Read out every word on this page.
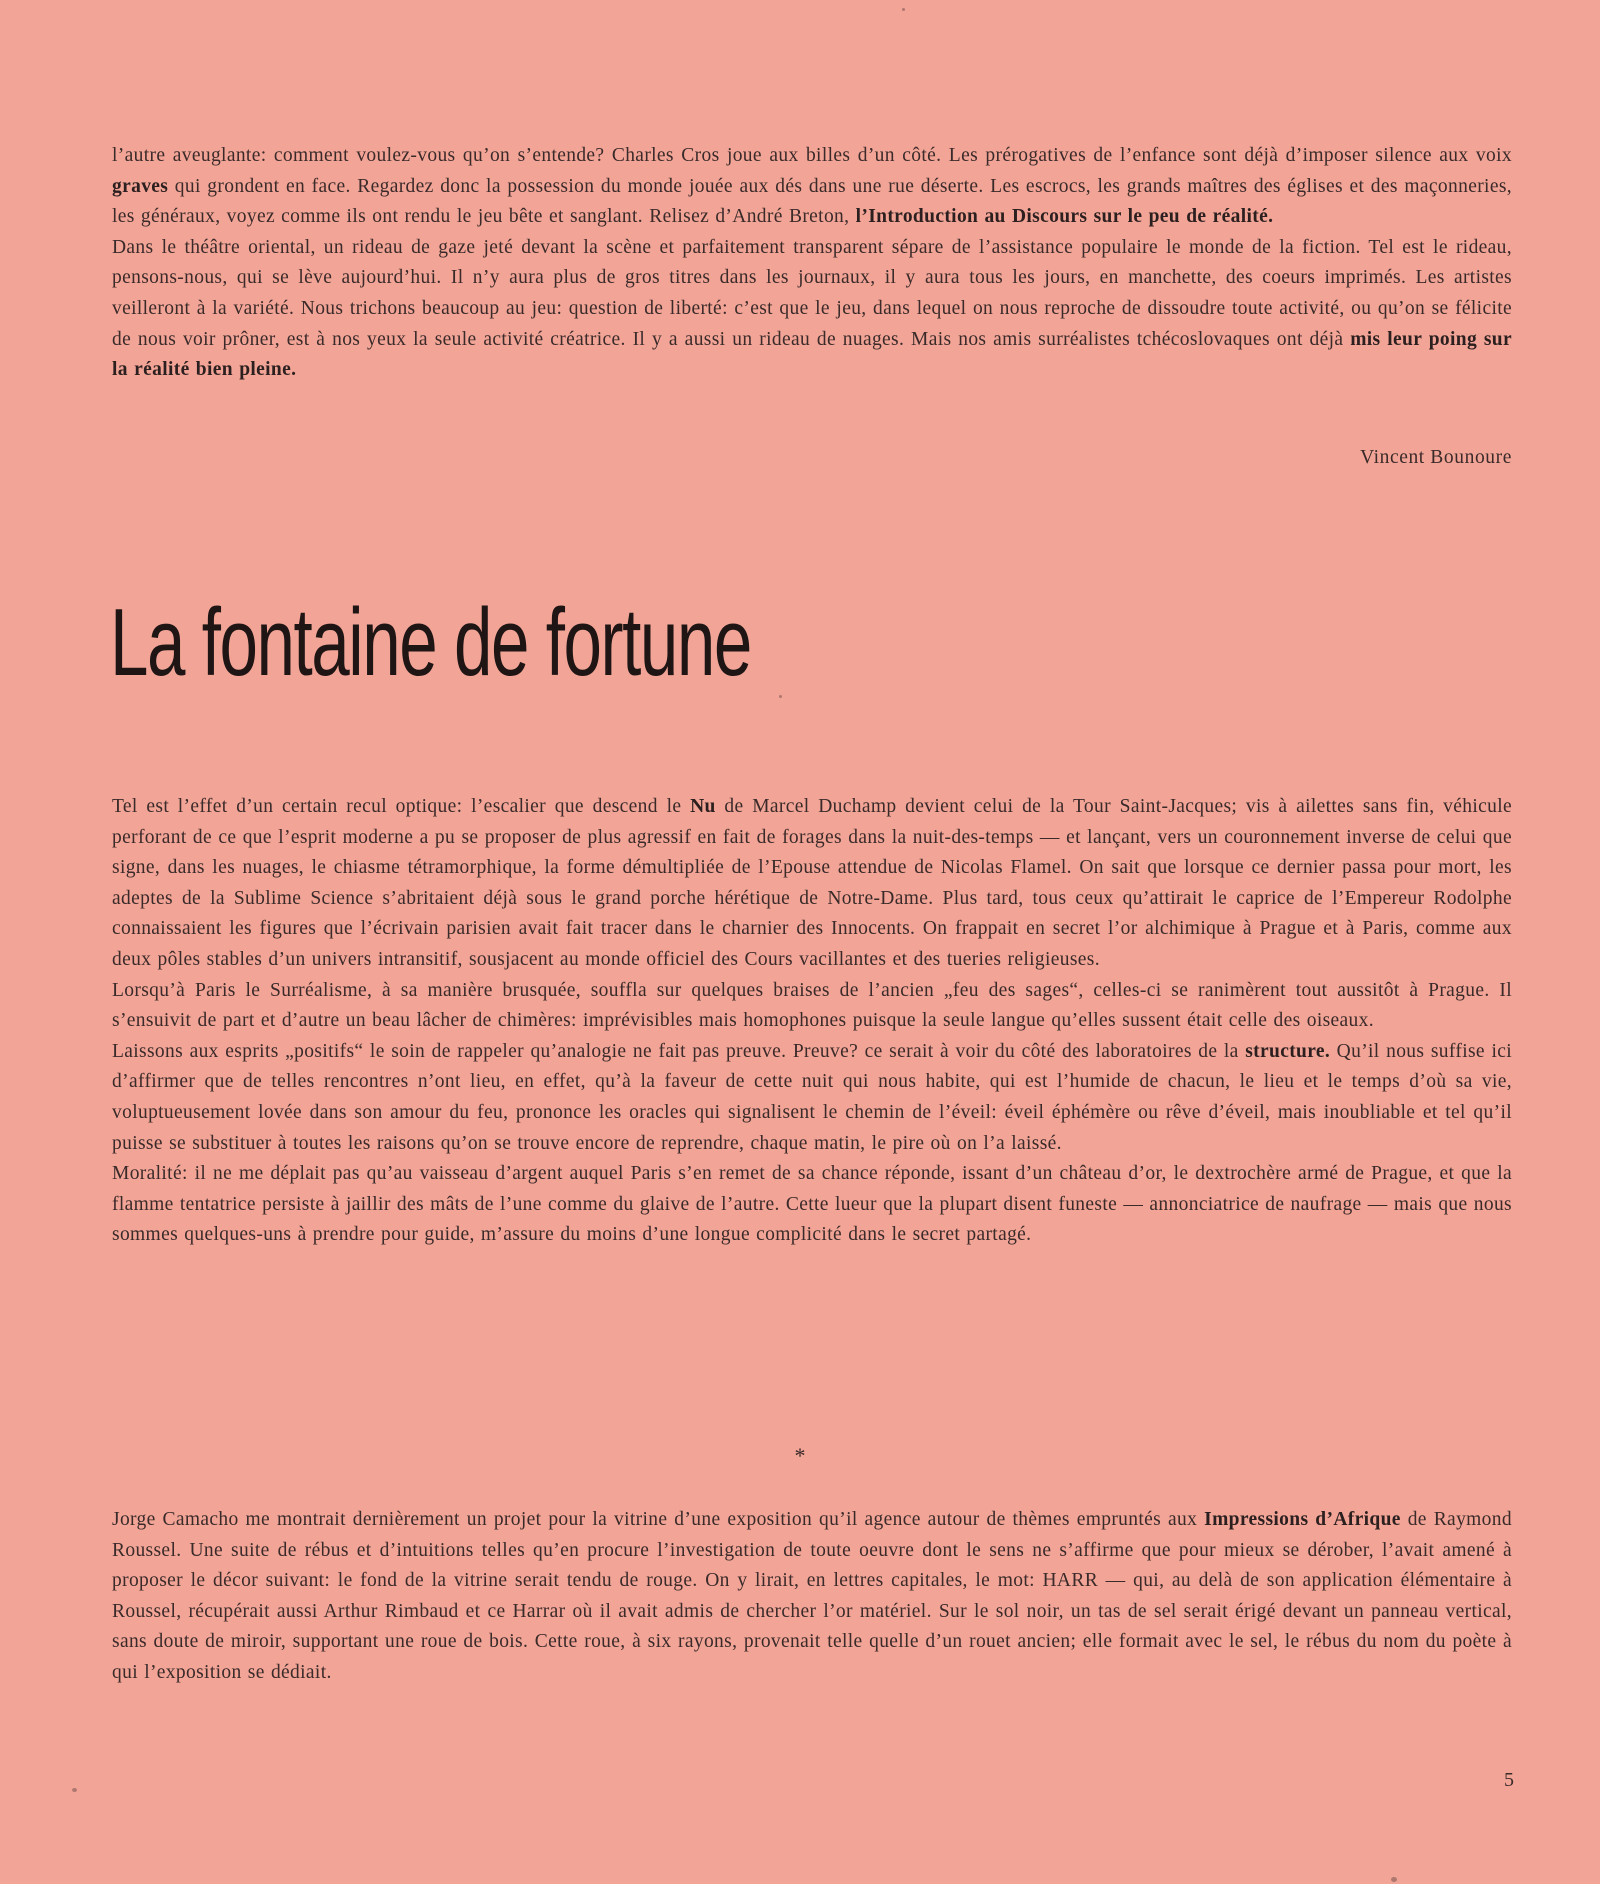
l’autre aveuglante: comment voulez-vous qu’on s’entende? Charles Cros joue aux billes d’un côté. Les prérogatives de l’enfance sont déjà d’imposer silence aux voix graves qui grondent en face. Regardez donc la possession du monde jouée aux dés dans une rue déserte. Les escrocs, les grands maîtres des églises et des maçonneries, les généraux, voyez comme ils ont rendu le jeu bête et sanglant. Relisez d’André Breton, l’Introduction au Discours sur le peu de réalité.

Dans le théâtre oriental, un rideau de gaze jeté devant la scène et parfaitement transparent sépare de l’assistance populaire le monde de la fiction. Tel est le rideau, pensons-nous, qui se lève aujourd’hui. Il n’y aura plus de gros titres dans les journaux, il y aura tous les jours, en manchette, des coeurs imprimés. Les artistes veilleront à la variété. Nous trichons beaucoup au jeu: question de liberté: c’est que le jeu, dans lequel on nous reproche de dissoudre toute activité, ou qu’on se félicite de nous voir prôner, est à nos yeux la seule activité créatrice. Il y a aussi un rideau de nuages. Mais nos amis surréalistes tchécoslovaques ont déjà mis leur poing sur la réalité bien pleine.

Vincent Bounoure
La fontaine de fortune

Tel est l’effet d’un certain recul optique: l’escalier que descend le Nu de Marcel Duchamp devient celui de la Tour Saint-Jacques; vis à ailettes sans fin, véhicule perforant de ce que l’esprit moderne a pu se proposer de plus agressif en fait de forages dans la nuit-des-temps — et lançant, vers un couronnement inverse de celui que signe, dans les nuages, le chiasme tétramorphique, la forme démultipliée de l’Epouse attendue de Nicolas Flamel. On sait que lorsque ce dernier passa pour mort, les adeptes de la Sublime Science s’abritaient déjà sous le grand porche hérétique de Notre-Dame. Plus tard, tous ceux qu’attirait le caprice de l’Empereur Rodolphe connaissaient les figures que l’écrivain parisien avait fait tracer dans le charnier des Innocents. On frappait en secret l’or alchimique à Prague et à Paris, comme aux deux pôles stables d’un univers intransitif, sousjacent au monde officiel des Cours vacillantes et des tueries religieuses.

Lorsqu’à Paris le Surréalisme, à sa manière brusquée, souffla sur quelques braises de l’ancien „feu des sages“, celles-ci se ranimèrent tout aussitôt à Prague. Il s’ensuivit de part et d’autre un beau lâcher de chimères: imprévisibles mais homophones puisque la seule langue qu’elles sussent était celle des oiseaux.

Laissons aux esprits „positifs“ le soin de rappeler qu’analogie ne fait pas preuve. Preuve? ce serait à voir du côté des laboratoires de la structure. Qu’il nous suffise ici d’affirmer que de telles rencontres n’ont lieu, en effet, qu’à la faveur de cette nuit qui nous habite, qui est l’humide de chacun, le lieu et le temps d’où sa vie, voluptueusement lovée dans son amour du feu, prononce les oracles qui signalisent le chemin de l’éveil: éveil éphémère ou rêve d’éveil, mais inoubliable et tel qu’il puisse se substituer à toutes les raisons qu’on se trouve encore de reprendre, chaque matin, le pire où on l’a laissé.

Moralité: il ne me déplait pas qu’au vaisseau d’argent auquel Paris s’en remet de sa chance réponde, issant d’un château d’or, le dextrochère armé de Prague, et que la flamme tentatrice persiste à jaillir des mâts de l’une comme du glaive de l’autre. Cette lueur que la plupart disent funeste — annonciatrice de naufrage — mais que nous sommes quelques-uns à prendre pour guide, m’assure du moins d’une longue complicité dans le secret partagé.

*

Jorge Camacho me montrait dernièrement un projet pour la vitrine d’une exposition qu’il agence autour de thèmes empruntés aux Impressions d’Afrique de Raymond Roussel. Une suite de rébus et d’intuitions telles qu’en procure l’investigation de toute oeuvre dont le sens ne s’affirme que pour mieux se dérober, l’avait amené à proposer le décor suivant: le fond de la vitrine serait tendu de rouge. On y lirait, en lettres capitales, le mot: HARR — qui, au delà de son application élémentaire à Roussel, récupérait aussi Arthur Rimbaud et ce Harrar où il avait admis de chercher l’or matériel. Sur le sol noir, un tas de sel serait érigé devant un panneau vertical, sans doute de miroir, supportant une roue de bois. Cette roue, à six rayons, provenait telle quelle d’un rouet ancien; elle formait avec le sel, le rébus du nom du poète à qui l’exposition se dédiait.

5
